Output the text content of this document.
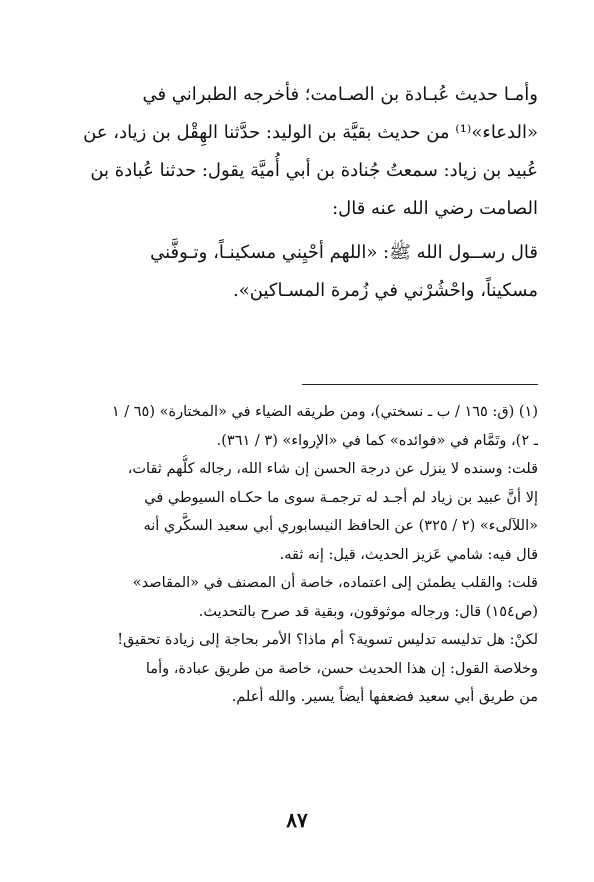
وأمـا حديث عُبـادة بن الصـامت؛ فأخرجه الطبراني في
«الدعاء»⁽¹⁾ من حديث بقيَّة بن الوليد: حدَّثنا الهِقْل بن زياد، عن
عُبيد بن زياد: سمعتُ جُنادة بن أبي أُميَّة يقول: حدثنا عُبادة بن
الصامت رضي الله عنه قال:
قال رســول الله ﷺ: «اللهم أحْيِني مسكينـاً، وتـوفَّني
مسكيناً، واحْشُرْني في زُمرة المسـاكين».
(١) (ق: ١٦٥ / ب ـ نسختي)، ومن طريقه الضياء في «المختارة» (٦٥ / ١
ـ ٢)، وتَمَّام في «فوائده» كما في «الإرواء» (٣ / ٣٦١).
قلت: وسنده لا ينزل عن درجة الحسن إن شاء الله، رجاله كلُّهم ثقات،
إلا أنَّ عبيد بن زياد لم أجـد له ترجمـة سوى ما حكـاه السيوطي في
«اللآلىء» (٢ / ٣٢٥) عن الحافظ النيسابوري أبي سعيد السكَّري أنه
قال فيه: شامي عَزيز الحديث، قيل: إنه ثقه.
قلت: والقلب يطمئن إلى اعتماده، خاصة أن المصنف في «المقاصد»
(ص١٥٤) قال: ورجاله موثوقون، وبقية قد صرح بالتحديث.
لكنْ: هل تدليسه تدليس تسوية؟ أم ماذا؟ الأمر بحاجة إلى زيادة تحقيق!
وخلاصة القول: إن هذا الحديث حسن، خاصة من طريق عبادة، وأما
من طريق أبي سعيد فضعفها أيضاً يسير. والله أعلم.
٨٧
